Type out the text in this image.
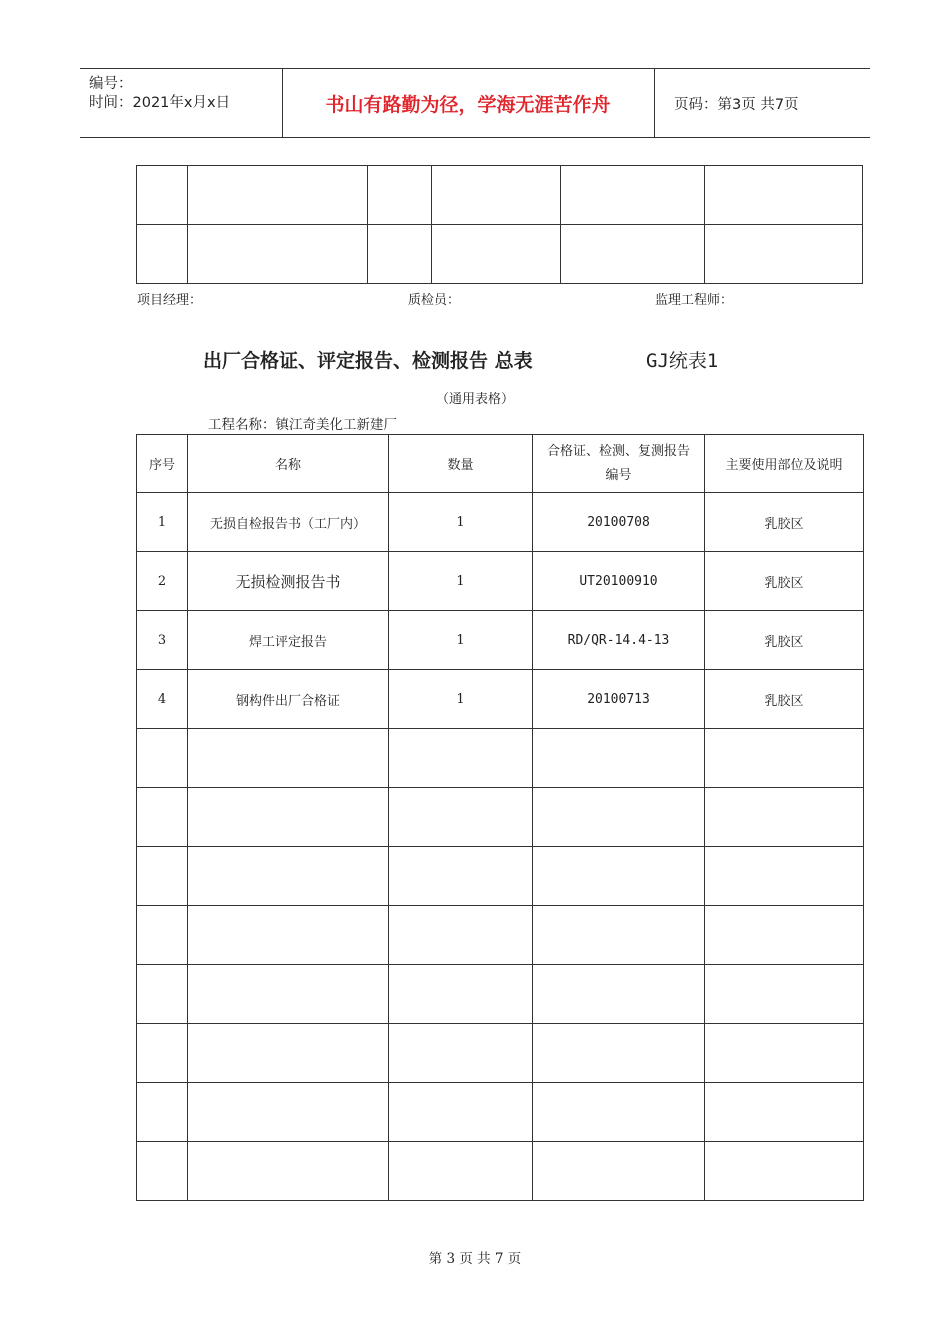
编号：
时间：2021年x月x日	书山有路勤为径，学海无涯苦作舟	页码：第3页 共7页

项目经理：	质检员：	监理工程师：
出厂合格证、评定报告、检测报告 总表	GJ统表1
（通用表格）
工程名称：镇江奇美化工新建厂
序号	名称	数量	合格证、检测、复测报告编号	主要使用部位及说明
1	无损自检报告书（工厂内）	1	20100708	乳胶区
2	无损检测报告书	1	UT20100910	乳胶区
3	焊工评定报告	1	RD/QR-14.4-13	乳胶区
4	钢构件出厂合格证	1	20100713	乳胶区

第 3 页 共 7 页
